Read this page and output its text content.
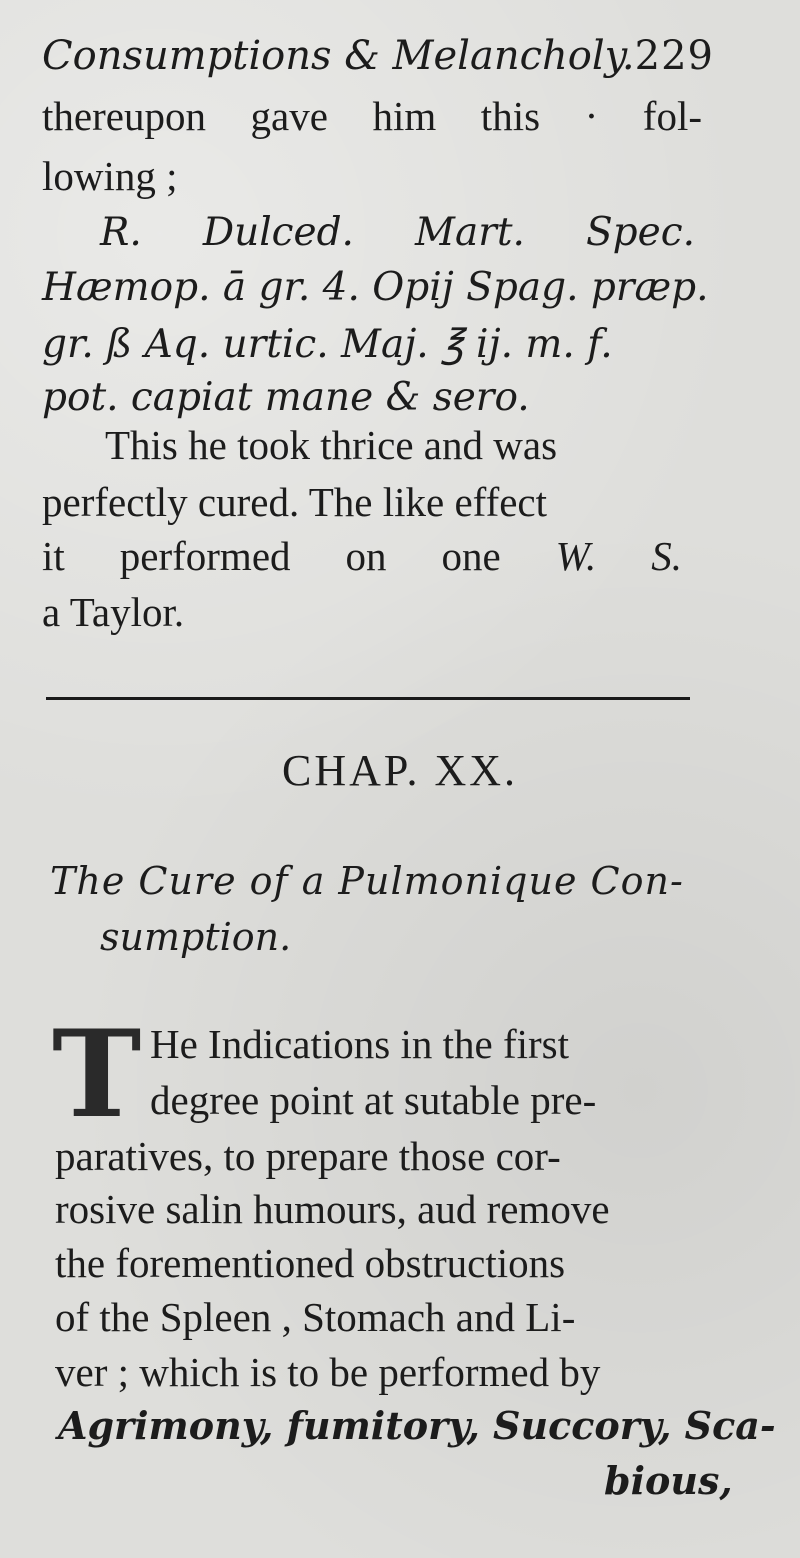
Consumptions & Melancholy. 229
thereupon gave him this · fol-
lowing ;
R. Dulced. Mart. Spec.
Hæmop. ā gr. 4. Opij Spag. præp.
gr. ß Aq. urtic. Maj. ℥ ij. m. f.
pot. capiat mane & sero.
This he took thrice and was
perfectly cured. The like effect
it performed on one W. S.
a Taylor.
CHAP. XX.
The Cure of a Pulmonique Con-
sumption.
T He Indications in the first
degree point at sutable pre-
paratives, to prepare those cor-
rosive salin humours, aud remove
the forementioned obstructions
of the Spleen , Stomach and Li-
ver ; which is to be performed by
Agrimony, fumitory, Succory, Sca-
bious,
